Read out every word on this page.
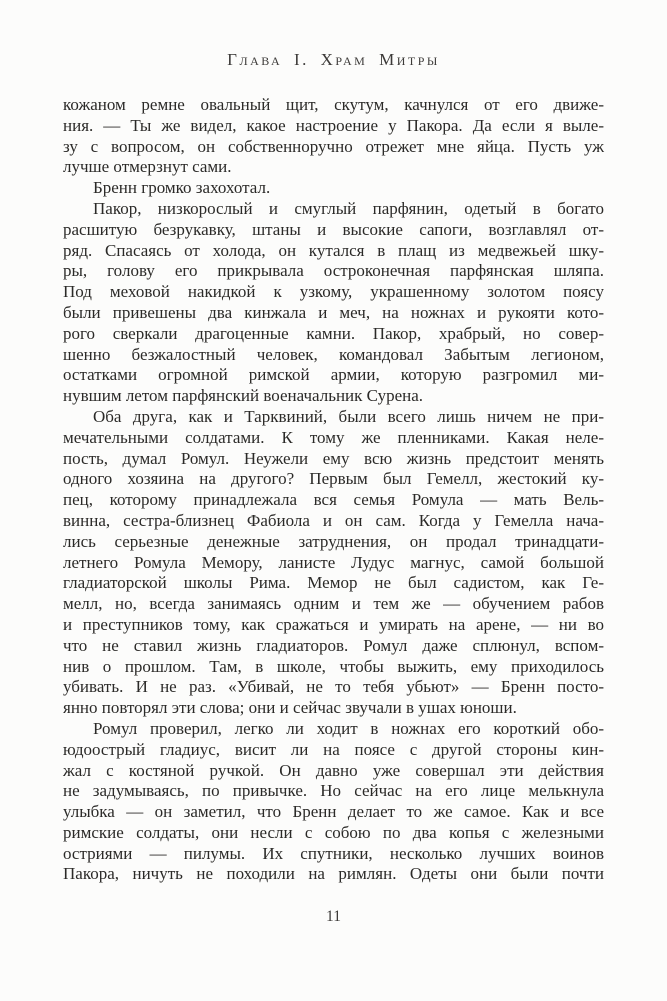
Глава I. Храм Митры
кожаном ремне овальный щит, скутум, качнулся от его движе-
ния. — Ты же видел, какое настроение у Пакора. Да если я выле-
зу с вопросом, он собственноручно отрежет мне яйца. Пусть уж
лучше отмерзнут сами.
Бренн громко захохотал.
Пакор, низкорослый и смуглый парфянин, одетый в богато
расшитую безрукавку, штаны и высокие сапоги, возглавлял от-
ряд. Спасаясь от холода, он кутался в плащ из медвежьей шку-
ры, голову его прикрывала остроконечная парфянская шляпа.
Под меховой накидкой к узкому, украшенному золотом поясу
были привешены два кинжала и меч, на ножнах и рукояти кото-
рого сверкали драгоценные камни. Пакор, храбрый, но совер-
шенно безжалостный человек, командовал Забытым легионом,
остатками огромной римской армии, которую разгромил ми-
нувшим летом парфянский военачальник Сурена.
Оба друга, как и Тарквиний, были всего лишь ничем не при-
мечательными солдатами. К тому же пленниками. Какая неле-
пость, думал Ромул. Неужели ему всю жизнь предстоит менять
одного хозяина на другого? Первым был Гемелл, жестокий ку-
пец, которому принадлежала вся семья Ромула — мать Вель-
винна, сестра-близнец Фабиола и он сам. Когда у Гемелла нача-
лись серьезные денежные затруднения, он продал тринадцати-
летнего Ромула Мемору, ланисте Лудус магнус, самой большой
гладиаторской школы Рима. Мемор не был садистом, как Ге-
мелл, но, всегда занимаясь одним и тем же — обучением рабов
и преступников тому, как сражаться и умирать на арене, — ни во
что не ставил жизнь гладиаторов. Ромул даже сплюнул, вспом-
нив о прошлом. Там, в школе, чтобы выжить, ему приходилось
убивать. И не раз. «Убивай, не то тебя убьют» — Бренн посто-
янно повторял эти слова; они и сейчас звучали в ушах юноши.
Ромул проверил, легко ли ходит в ножнах его короткий обо-
юдоострый гладиус, висит ли на поясе с другой стороны кин-
жал с костяной ручкой. Он давно уже совершал эти действия
не задумываясь, по привычке. Но сейчас на его лице мелькнула
улыбка — он заметил, что Бренн делает то же самое. Как и все
римские солдаты, они несли с собою по два копья с железными
остриями — пилумы. Их спутники, несколько лучших воинов
Пакора, ничуть не походили на римлян. Одеты они были почти
11
